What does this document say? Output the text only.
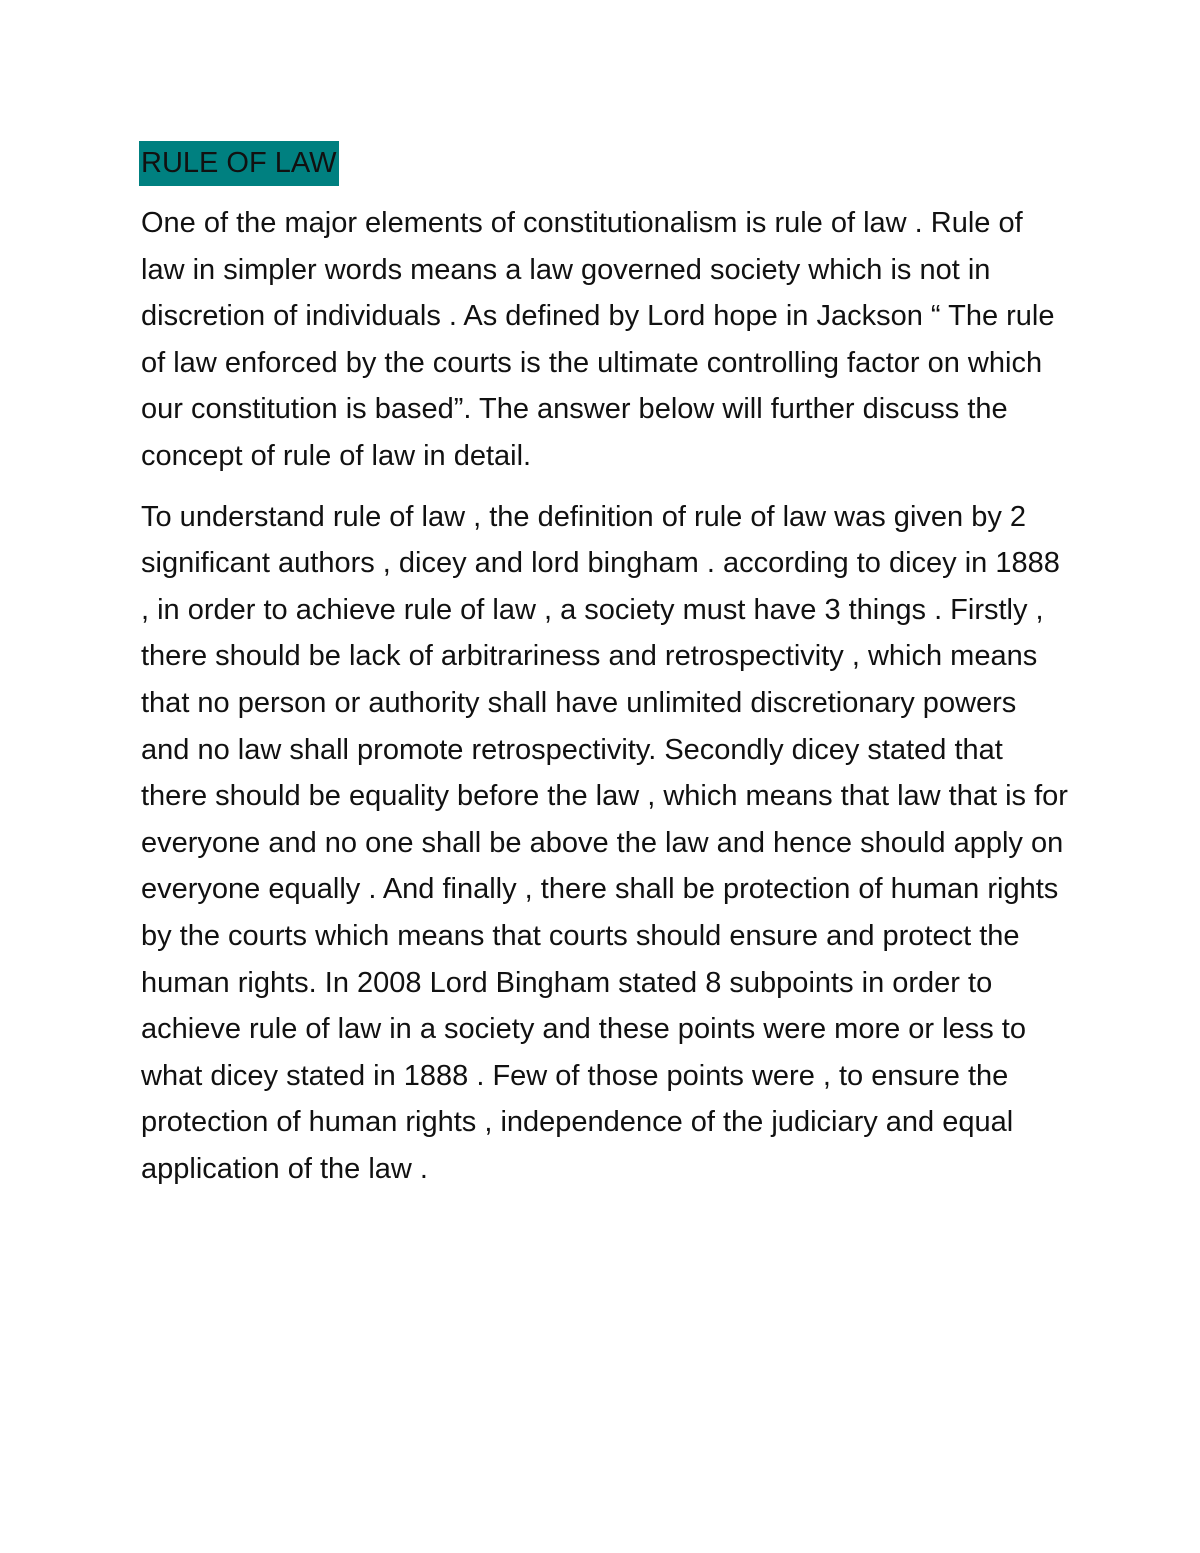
RULE OF LAW

One of the major elements of constitutionalism is rule of law . Rule of law in simpler words means a law governed society which is not in discretion of individuals . As defined by Lord hope in Jackson “ The rule of law enforced by the courts is the ultimate controlling factor on which our constitution is based”. The answer below will further discuss the concept of rule of law in detail.

To understand rule of law , the definition of rule of law was given by 2 significant authors , dicey and lord bingham . according to dicey in 1888 , in order to achieve rule of law , a society must have 3 things . Firstly , there should be lack of arbitrariness and retrospectivity , which means that no person or authority shall have unlimited discretionary powers and no law shall promote retrospectivity. Secondly dicey stated that there should be equality before the law , which means that law that is for everyone and no one shall be above the law and hence should apply on everyone equally . And finally , there shall be protection of human rights by the courts which means that courts should ensure and protect the human rights. In 2008 Lord Bingham stated 8 subpoints in order to achieve rule of law in a society and these points were more or less to what dicey stated in 1888 . Few of those points were , to ensure the protection of human rights , independence of the judiciary and equal application of the law .
